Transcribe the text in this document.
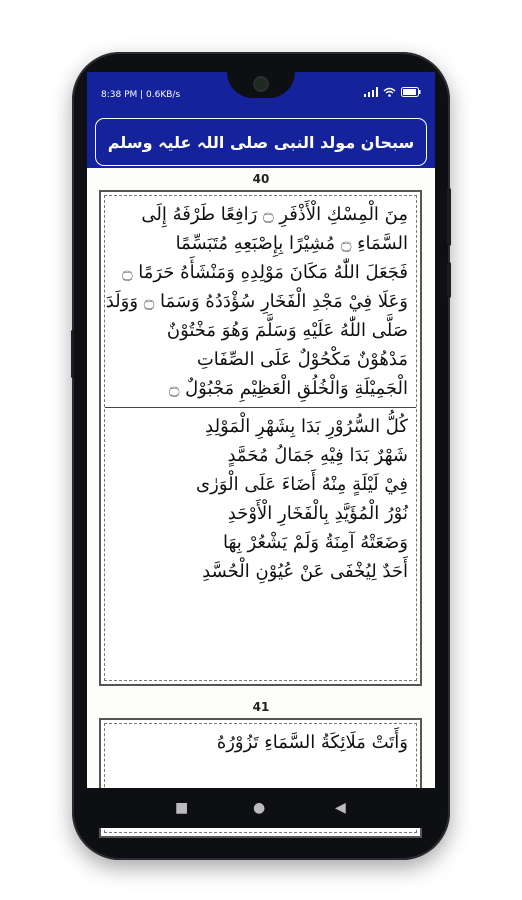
8:38 PM | 0.6KB/s
سبحان مولد النبی صلی اللہ علیہ وسلم
40
مِنَ الْمِسْكِ الْأَذْفَرِ ۝ رَافِعًا طَرْفَهُ إِلَى
السَّمَاءِ ۝ مُشِيْرًا بِإِصْبَعِهِ مُتَبَسِّمًا
فَجَعَلَ اللّٰهُ مَكَانَ مَوْلِدِهِ وَمَنْشَأَهُ حَرَمًا ۝
وَعَلَا فِيْ مَجْدِ الْفَخَارِ سُؤْدَدُهُ وَسَمَا ۝ وَوَلَدَ
صَلَّى اللّٰهُ عَلَيْهِ وَسَلَّمَ وَهُوَ مَخْتُوْنٌ
مَدْهُوْنٌ مَكْحُوْلٌ عَلَى الصِّفَاتِ
الْجَمِيْلَةِ وَالْخُلُقِ الْعَظِيْمِ مَجْبُوْلٌ ۝
كُلُّ السُّرُوْرِ بَدَا بِشَهْرِ الْمَوْلِدِ
شَهْرٌ بَدَا فِيْهِ جَمَالُ مُحَمَّدٍ
فِيْ لَيْلَةٍ مِنْهُ أَضَاءَ عَلَى الْوَرٰى
نُوْرُ الْمُؤَيَّدِ بِالْفَخَارِ الْأَوْحَدِ
وَضَعَتْهُ آمِنَةُ وَلَمْ يَشْعُرْ بِهَا
أَحَدٌ لِيُخْفَى عَنْ عُيُوْنِ الْحُسَّدِ
41
وَأَتَتْ مَلَائِكَةُ السَّمَاءِ تَزُوْرُهُ
■	●	◀
